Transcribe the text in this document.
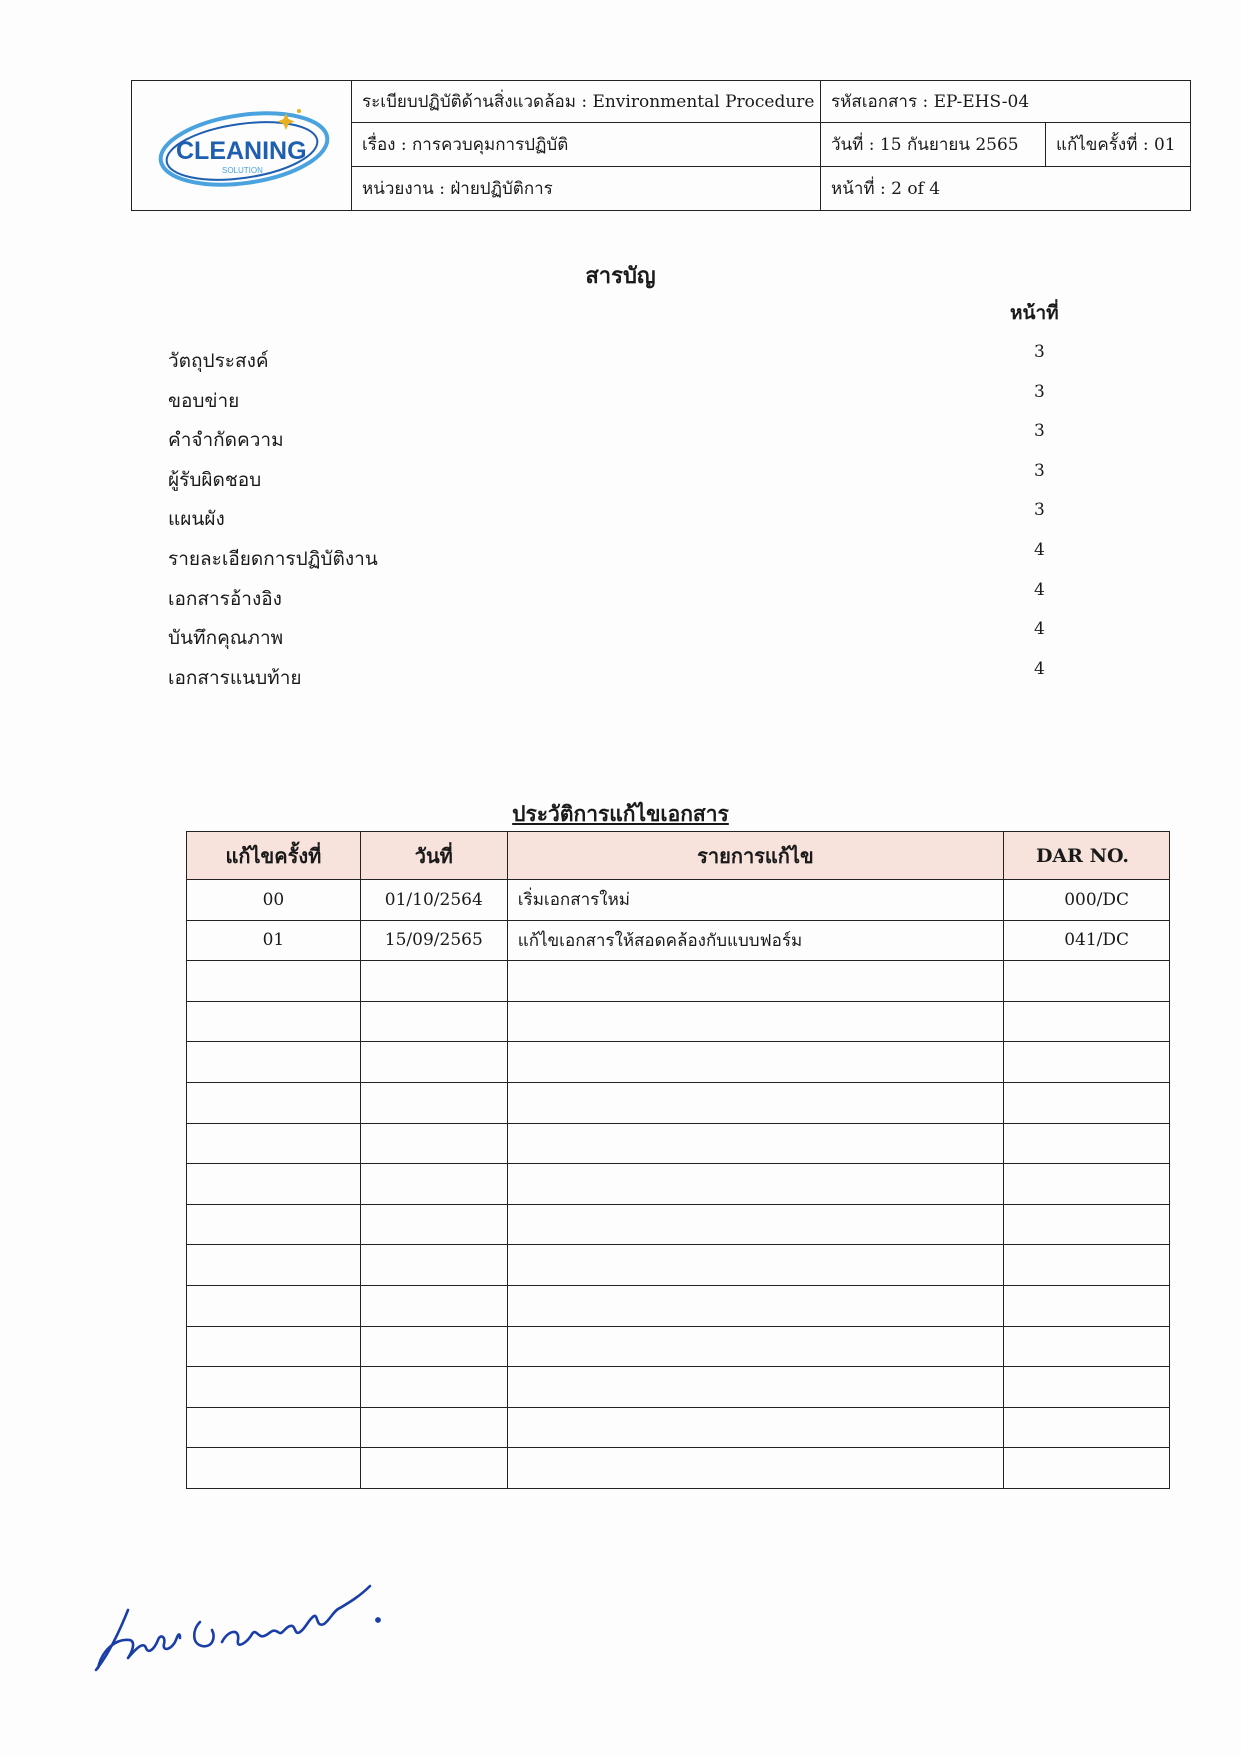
CLEANING
SOLUTION
ระเบียบปฏิบัติด้านสิ่งแวดล้อม : Environmental Procedure รหัสเอกสาร : EP-EHS-04
เรื่อง : การควบคุมการปฏิบัติ	วันที่ : 15 กันยายน 2565	แก้ไขครั้งที่ : 01
หน่วยงาน : ฝ่ายปฏิบัติการ	หน้าที่ : 2 of 4
สารบัญ
หน้าที่
วัตถุประสงค์	3
ขอบข่าย	3
คำจำกัดความ	3
ผู้รับผิดชอบ	3
แผนผัง	3
รายละเอียดการปฏิบัติงาน	4
เอกสารอ้างอิง	4
บันทึกคุณภาพ	4
เอกสารแนบท้าย	4
ประวัติการแก้ไขเอกสาร
แก้ไขครั้งที่	วันที่	รายการแก้ไข	DAR NO.
00	01/10/2564	เริ่มเอกสารใหม่	000/DC
01	15/09/2565	แก้ไขเอกสารให้สอดคล้องกับแบบฟอร์ม	041/DC
